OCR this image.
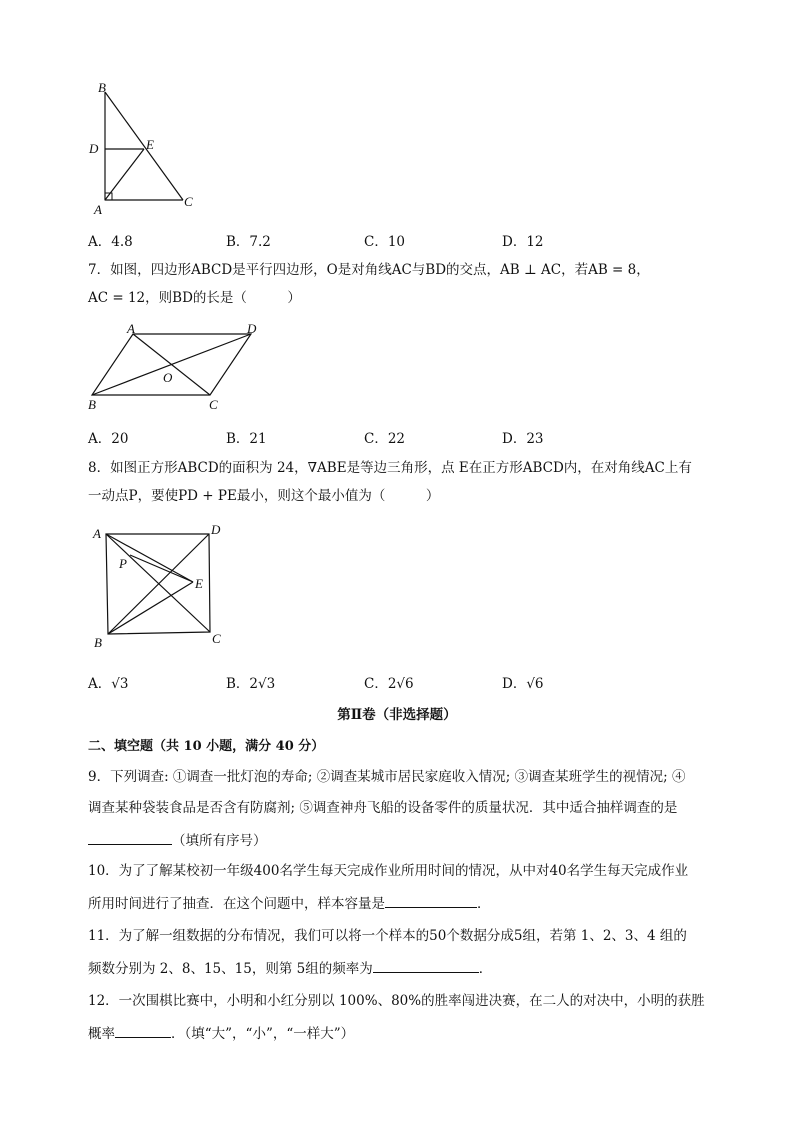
B
D	E
A
C
A．4.8	B．7.2	C．10	D．12
7．如图，四边形ABCD是平行四边形，O是对角线AC与BD的交点，AB ⊥ AC，若AB = 8，
AC = 12，则BD的长是（　　　）
A	D
O
B	C
A．20	B．21	C．22	D．23
8．如图正方形ABCD的面积为 24，∇ABE是等边三角形，点 E在正方形ABCD内，在对角线AC上有
一动点P，要使PD + PE最小，则这个最小值为（　　　）
A	D
P
E
B	C
A．√3	B．2√3	C．2√6	D．√6
第Ⅱ卷（非选择题）
二、填空题（共 10 小题，满分 40 分）
9．下列调查: ①调查一批灯泡的寿命; ②调查某城市居民家庭收入情况; ③调查某班学生的视情况; ④
调查某种袋装食品是否含有防腐剂; ⑤调查神舟飞船的设备零件的质量状况．其中适合抽样调查的是
（填所有序号）
10．为了了解某校初一年级400名学生每天完成作业所用时间的情况，从中对40名学生每天完成作业
所用时间进行了抽查．在这个问题中，样本容量是	．
11．为了解一组数据的分布情况，我们可以将一个样本的50个数据分成5组，若第 1、2、3、4 组的
频数分别为 2、8、15、15，则第 5组的频率为	．
12．一次围棋比赛中，小明和小红分别以 100%、80%的胜率闯进决赛，在二人的对决中，小明的获胜
概率	．（填“大”，“小”，“一样大”）
